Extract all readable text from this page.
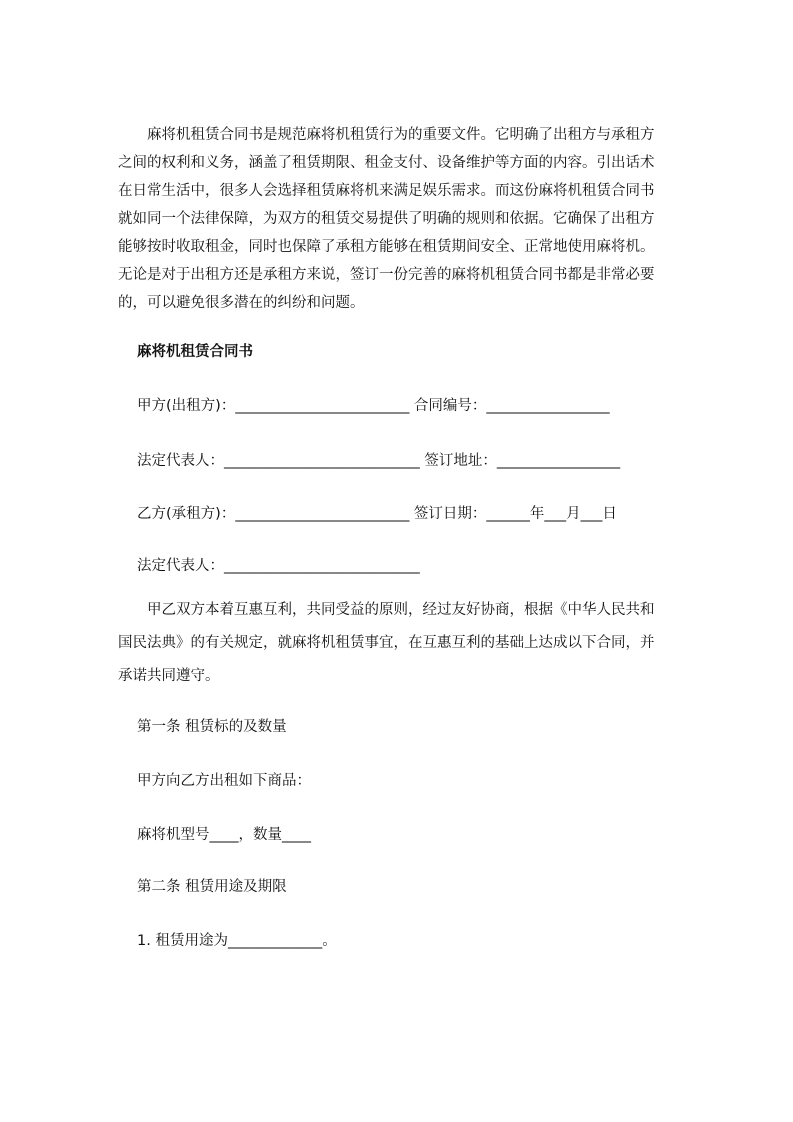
　　麻将机租赁合同书是规范麻将机租赁行为的重要文件。它明确了出租方与承租方
之间的权利和义务，涵盖了租赁期限、租金支付、设备维护等方面的内容。引出话术
在日常生活中，很多人会选择租赁麻将机来满足娱乐需求。而这份麻将机租赁合同书
就如同一个法律保障，为双方的租赁交易提供了明确的规则和依据。它确保了出租方
能够按时收取租金，同时也保障了承租方能够在租赁期间安全、正常地使用麻将机。
无论是对于出租方还是承租方来说，签订一份完善的麻将机租赁合同书都是非常必要
的，可以避免很多潜在的纠纷和问题。
麻将机租赁合同书
甲方(出租方)：________________________ 合同编号：_________________
法定代表人：___________________________ 签订地址：_________________
乙方(承租方)：________________________ 签订日期：______年___月___日
法定代表人：___________________________
　　甲乙双方本着互惠互利，共同受益的原则，经过友好协商，根据《中华人民共和
国民法典》的有关规定，就麻将机租赁事宜，在互惠互利的基础上达成以下合同，并
承诺共同遵守。
第一条 租赁标的及数量
甲方向乙方出租如下商品：
麻将机型号____，数量____
第二条 租赁用途及期限
1. 租赁用途为_____________。
